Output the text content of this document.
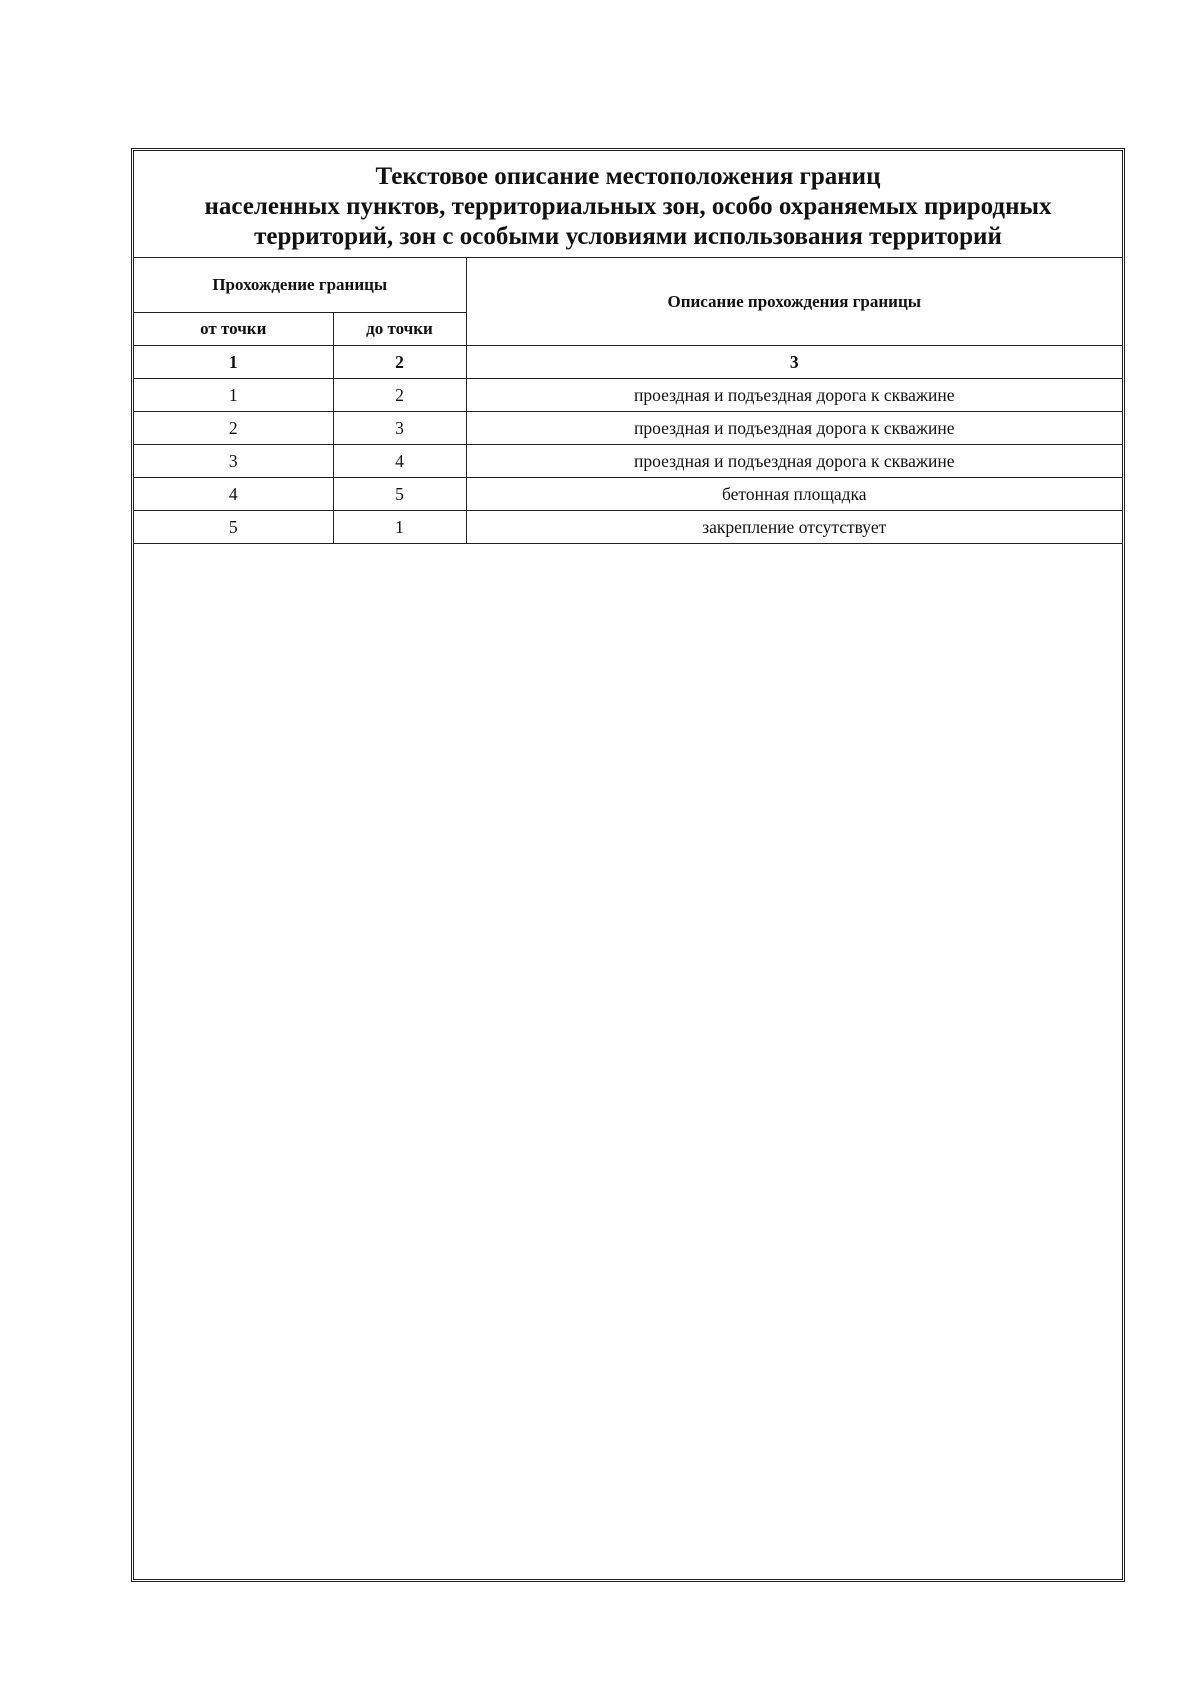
Текстовое описание местоположения границ
населенных пунктов, территориальных зон, особо охраняемых природных
территорий, зон с особыми условиями использования территорий
Прохождение границы		Описание прохождения границы
от точки	до точки	
1	2	3
1	2	проездная и подъездная дорога к скважине
2	3	проездная и подъездная дорога к скважине
3	4	проездная и подъездная дорога к скважине
4	5	бетонная площадка
5	1	закрепление отсутствует
